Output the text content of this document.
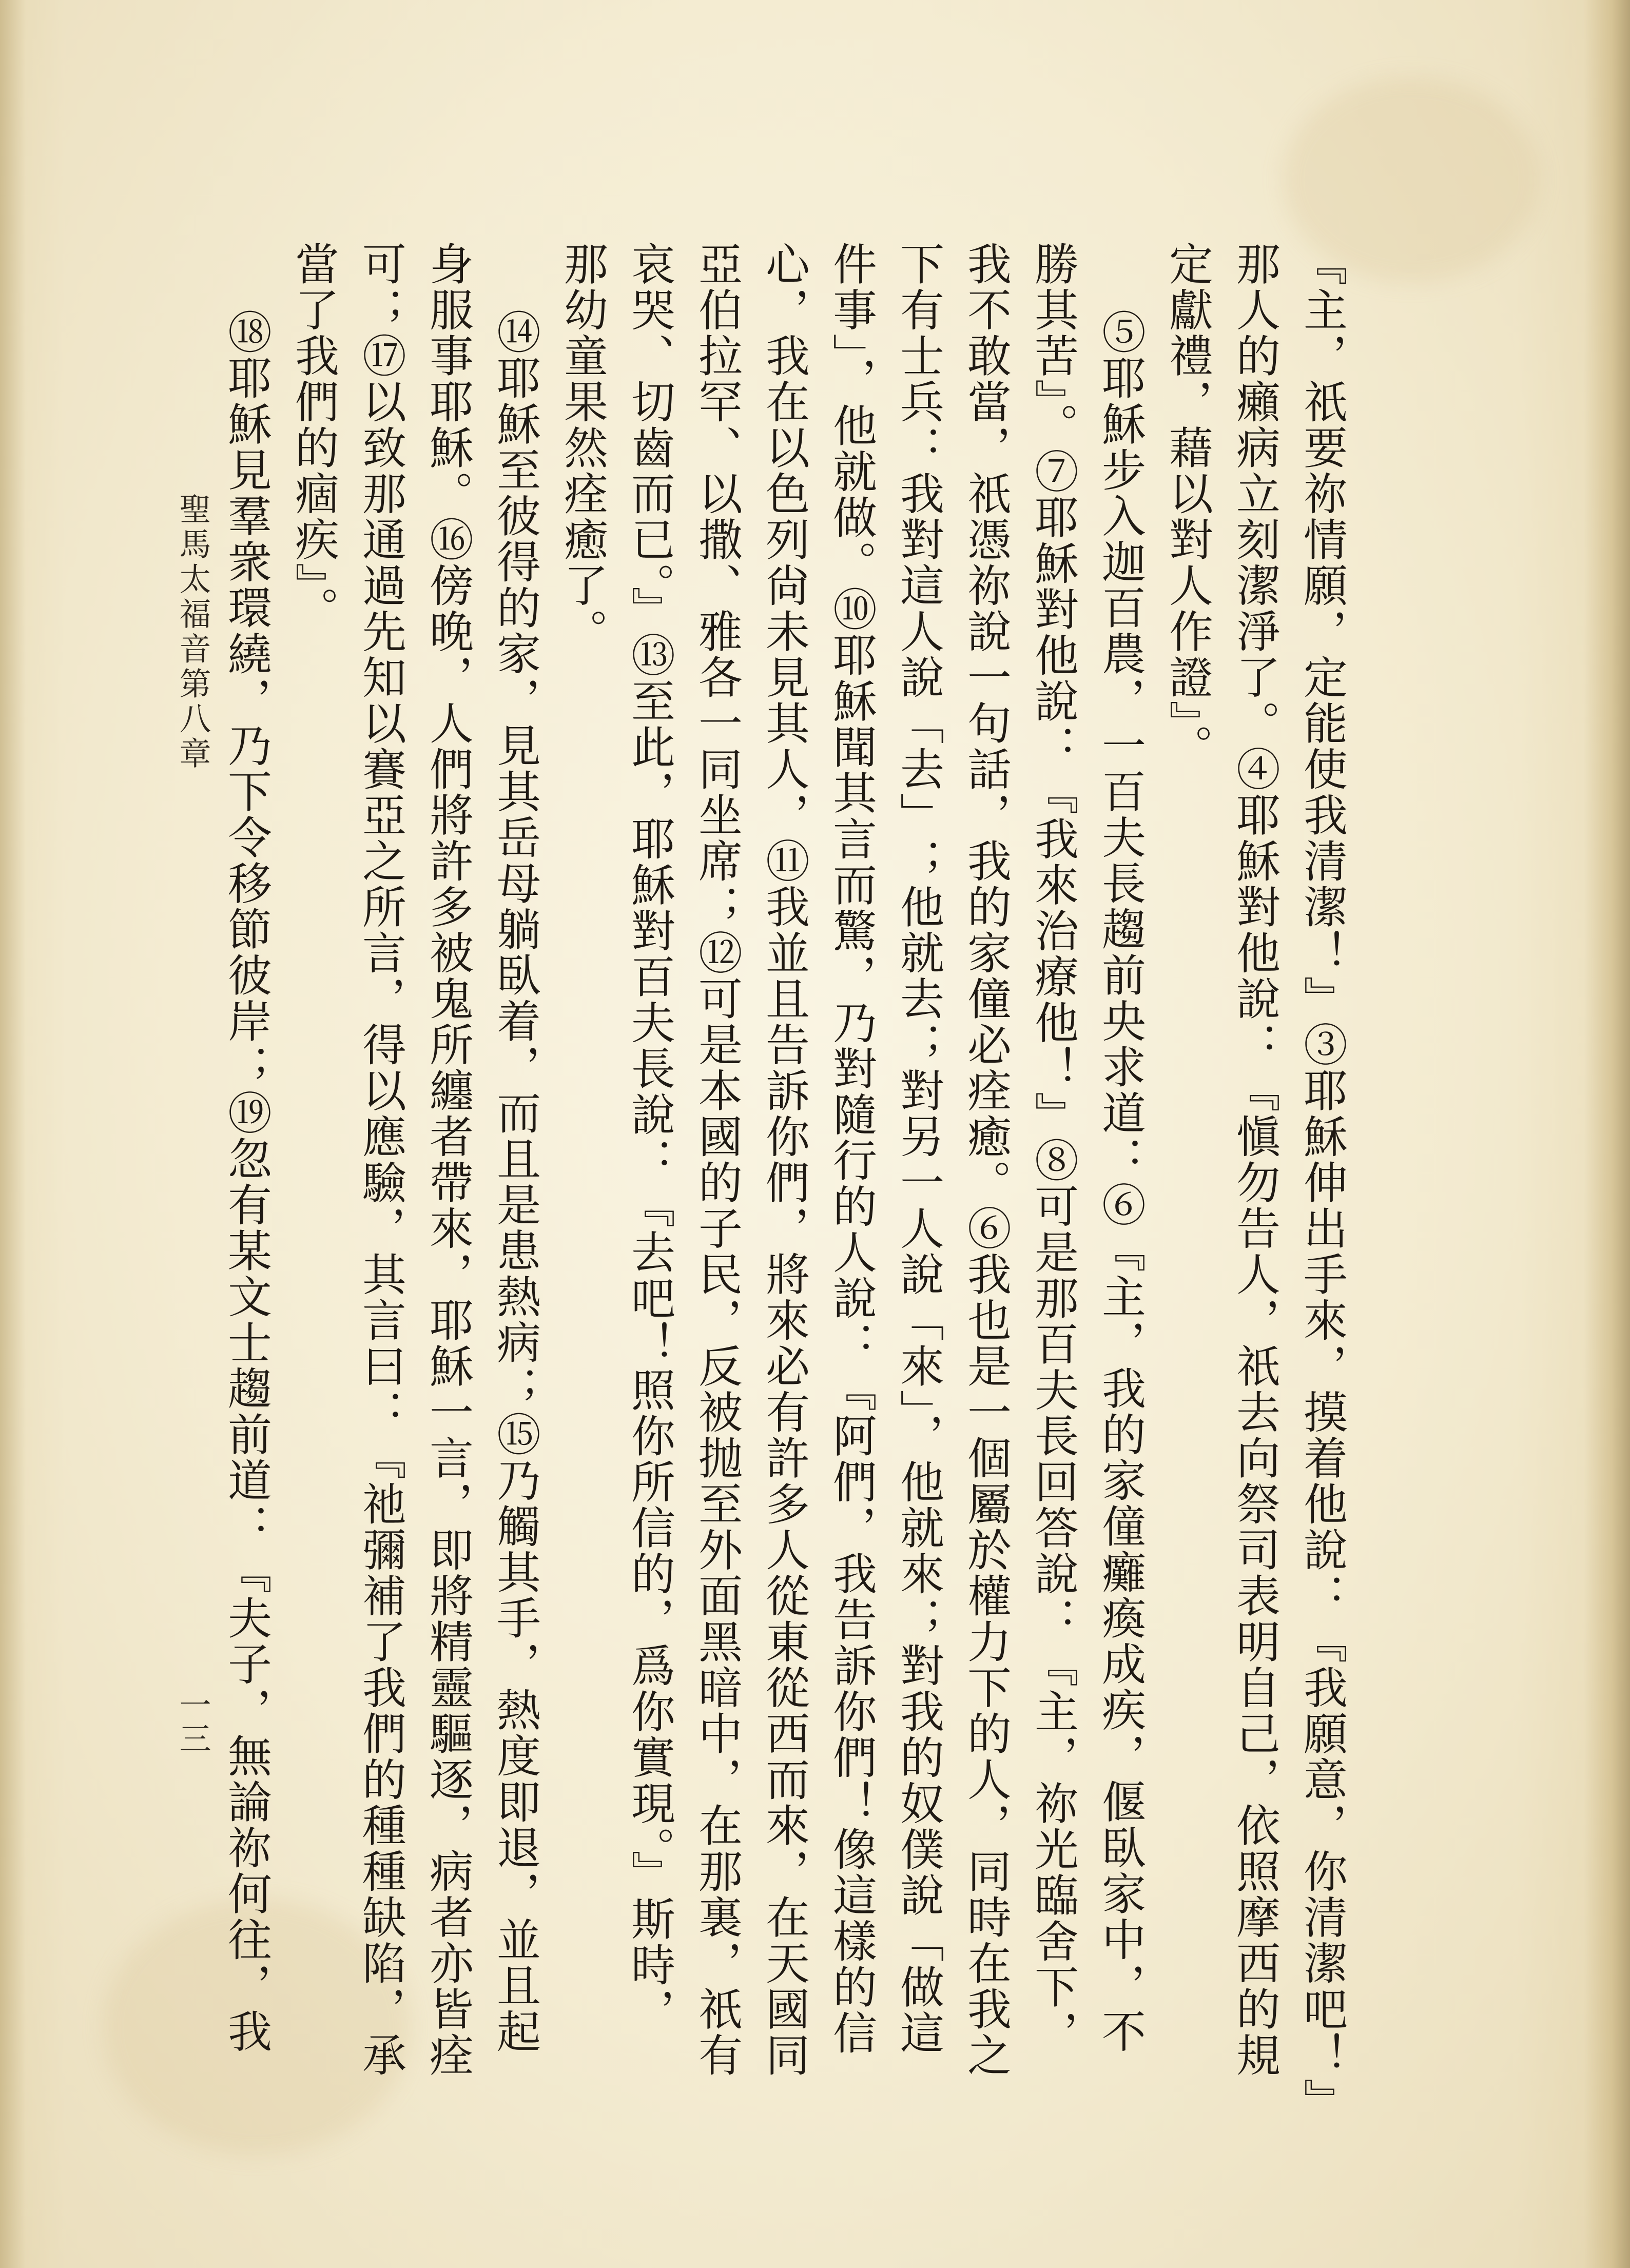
『主，祇要祢情願，定能使我清潔！』③耶穌伸出手來，摸着他說：『我願意，你清潔吧！』
那人的癩病立刻潔淨了。④耶穌對他說：『愼勿告人，祇去向祭司表明自己，依照摩西的規
定獻禮，藉以對人作證』。
⑤耶穌步入迦百農，一百夫長趨前央求道：⑥『主，我的家僮癱瘓成疾，偃臥家中，不
勝其苦』。⑦耶穌對他說：『我來治療他！』⑧可是那百夫長回答說：『主，祢光臨舍下，
我不敢當，祇憑祢說一句話，我的家僮必痊癒。⑥我也是一個屬於權力下的人，同時在我之
下有士兵：我對這人說「去」；他就去；對另一人說「來」，他就來；對我的奴僕說「做這
件事」，他就做。⑩耶穌聞其言而驚，乃對隨行的人說：『阿們，我告訴你們！像這樣的信
心，我在以色列尙未見其人，⑪我並且告訴你們，將來必有許多人從東從西而來，在天國同
亞伯拉罕、以撒、雅各一同坐席；⑫可是本國的子民，反被抛至外面黑暗中，在那裏，祇有
哀哭、切齒而已。』⑬至此，耶穌對百夫長說：『去吧！照你所信的，爲你實現。』斯時，
那幼童果然痊癒了。
⑭耶穌至彼得的家，見其岳母躺臥着，而且是患熱病；⑮乃觸其手，熱度即退，並且起
身服事耶穌。⑯傍晚，人們將許多被鬼所纏者帶來，耶穌一言，即將精靈驅逐，病者亦皆痊
可；⑰以致那通過先知以賽亞之所言，得以應驗，其言曰：『祂彌補了我們的種種缺陷，承
當了我們的痼疾』。
⑱耶穌見羣衆環繞，乃下令移節彼岸；⑲忽有某文士趨前道：『夫子，無論祢何往，我
聖馬太福音第八章
一三
